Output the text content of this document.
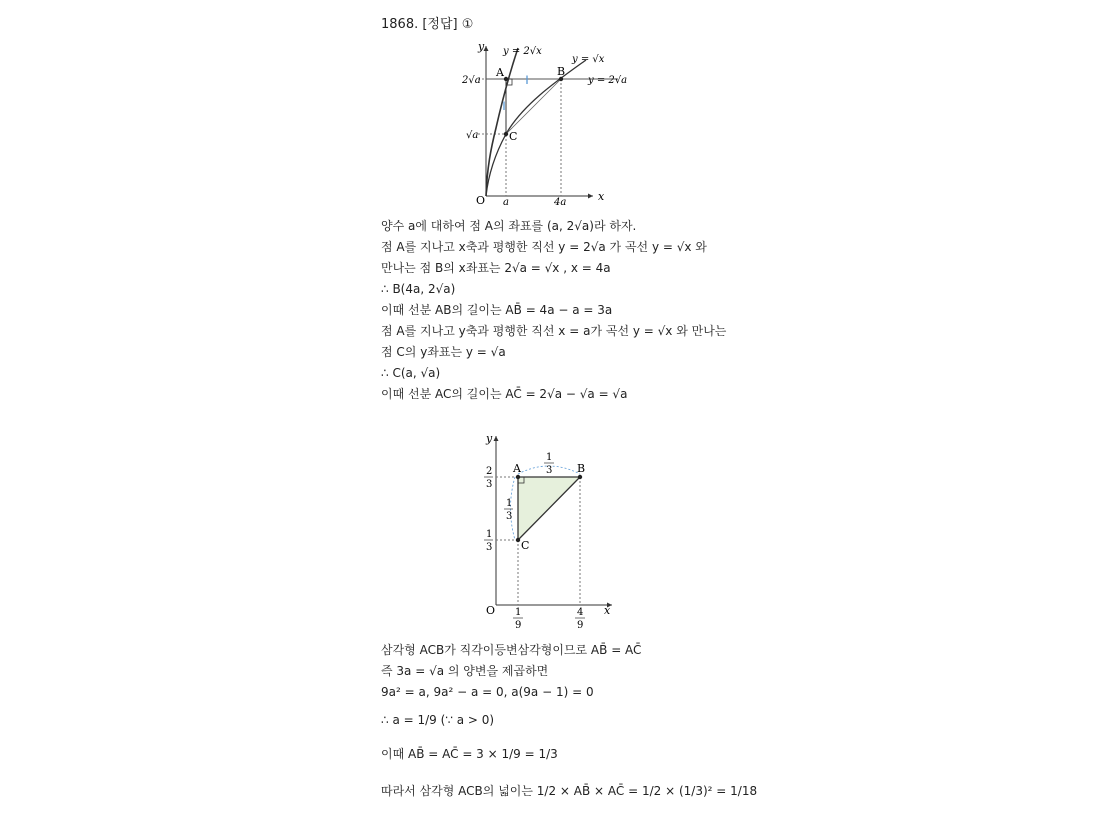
1868. [정답] ①
‖
‖
y
x
O
y = 2√x
y = √x
y = 2√a
2√a
√a
a	4a
A	B
C
양수 a에 대하여 점 A의 좌표를 (a, 2√a)라 하자.
점 A를 지나고 x축과 평행한 직선 y = 2√a 가 곡선 y = √x 와
만나는 점 B의 x좌표는 2√a = √x , x = 4a
∴ B(4a, 2√a)
이때 선분 AB의 길이는 AB̄ = 4a − a = 3a
점 A를 지나고 y축과 평행한 직선 x = a가 곡선 y = √x 와 만나는
점 C의 y좌표는 y = √a
∴ C(a, √a)
이때 선분 AC의 길이는 AC̄ = 2√a − √a = √a
y
x
O
A	B
C
2
3
1
3
1
9
4
9
1
3
1
3
삼각형 ACB가 직각이등변삼각형이므로 AB̄ = AC̄
즉 3a = √a 의 양변을 제곱하면
9a² = a, 9a² − a = 0, a(9a − 1) = 0
∴ a = 1/9 (∵ a > 0)
이때 AB̄ = AC̄ = 3 × 1/9 = 1/3
따라서 삼각형 ACB의 넓이는 1/2 × AB̄ × AC̄ = 1/2 × (1/3)² = 1/18
